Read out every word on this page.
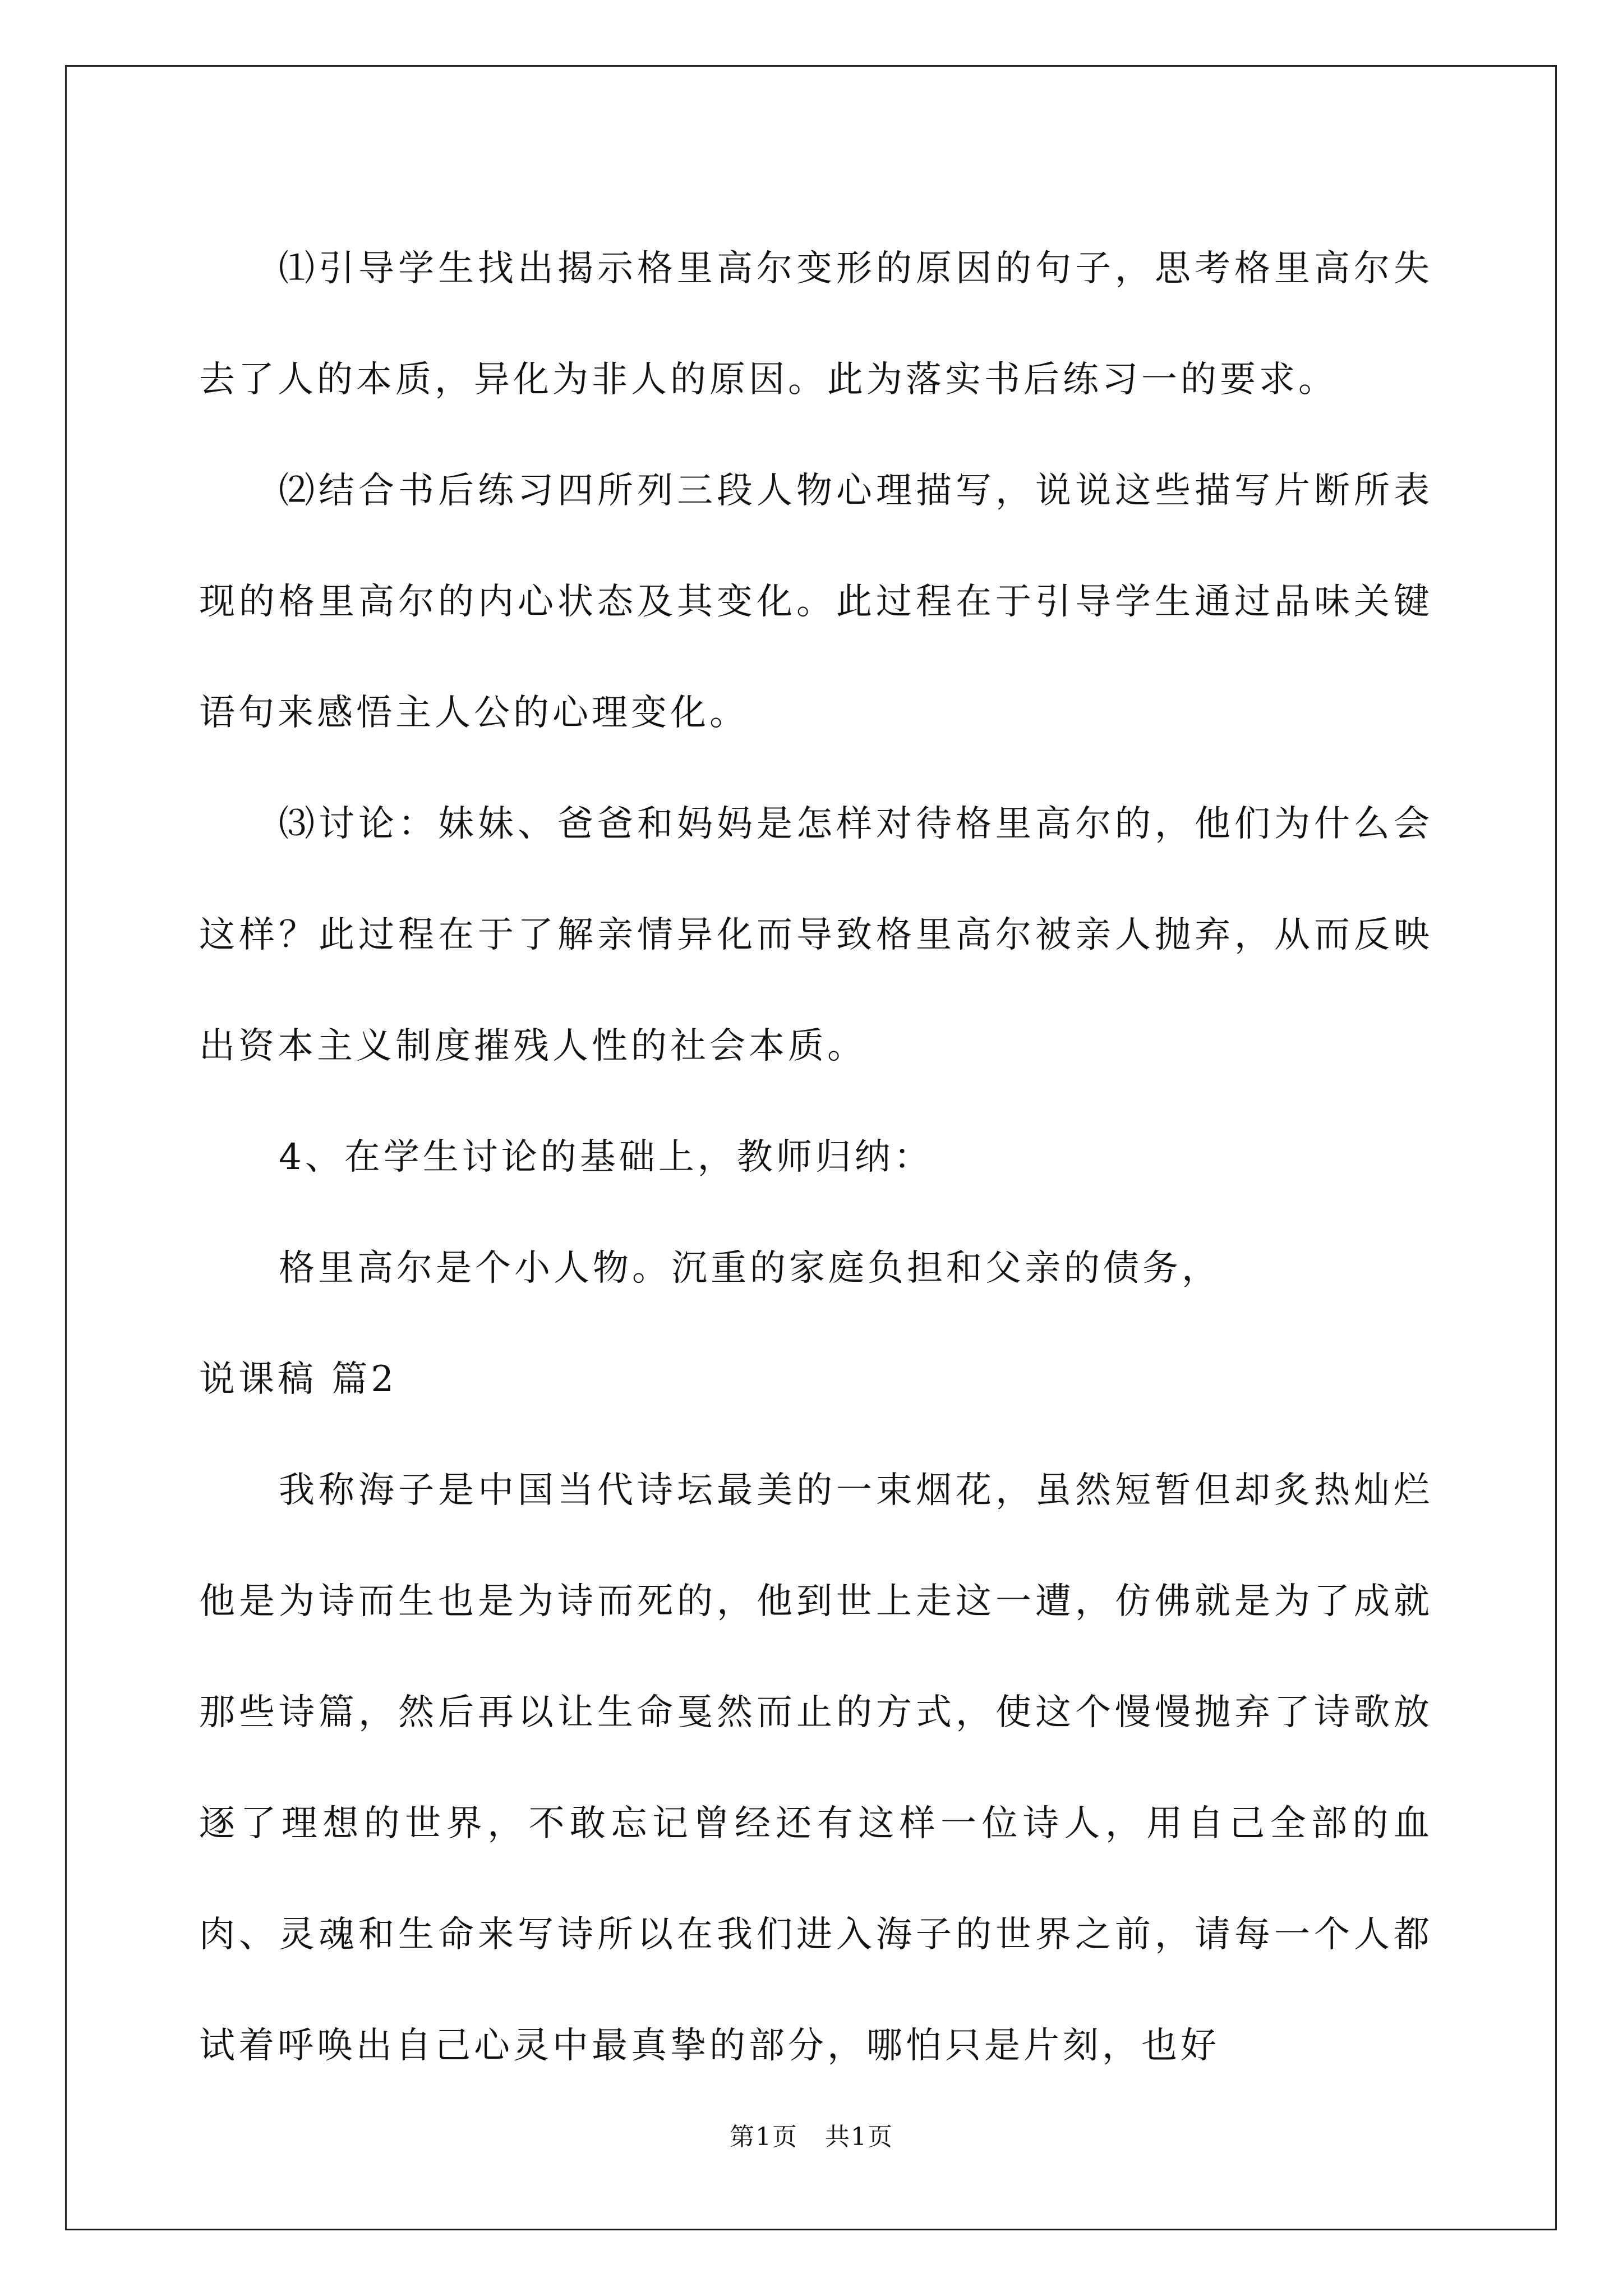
⑴引导学生找出揭示格里高尔变形的原因的句子，思考格里高尔失去了人的本质，异化为非人的原因。此为落实书后练习一的要求。

⑵结合书后练习四所列三段人物心理描写，说说这些描写片断所表现的格里高尔的内心状态及其变化。此过程在于引导学生通过品味关键语句来感悟主人公的心理变化。

⑶讨论：妹妹、爸爸和妈妈是怎样对待格里高尔的，他们为什么会这样？此过程在于了解亲情异化而导致格里高尔被亲人抛弃，从而反映出资本主义制度摧残人性的社会本质。

4、在学生讨论的基础上，教师归纳：

格里高尔是个小人物。沉重的家庭负担和父亲的债务，

说课稿 篇2

我称海子是中国当代诗坛最美的一束烟花，虽然短暂但却炙热灿烂他是为诗而生也是为诗而死的，他到世上走这一遭，仿佛就是为了成就那些诗篇，然后再以让生命戛然而止的方式，使这个慢慢抛弃了诗歌放逐了理想的世界，不敢忘记曾经还有这样一位诗人，用自己全部的血肉、灵魂和生命来写诗所以在我们进入海子的世界之前，请每一个人都试着呼唤出自己心灵中最真挚的部分，哪怕只是片刻，也好

第1页 共1页
